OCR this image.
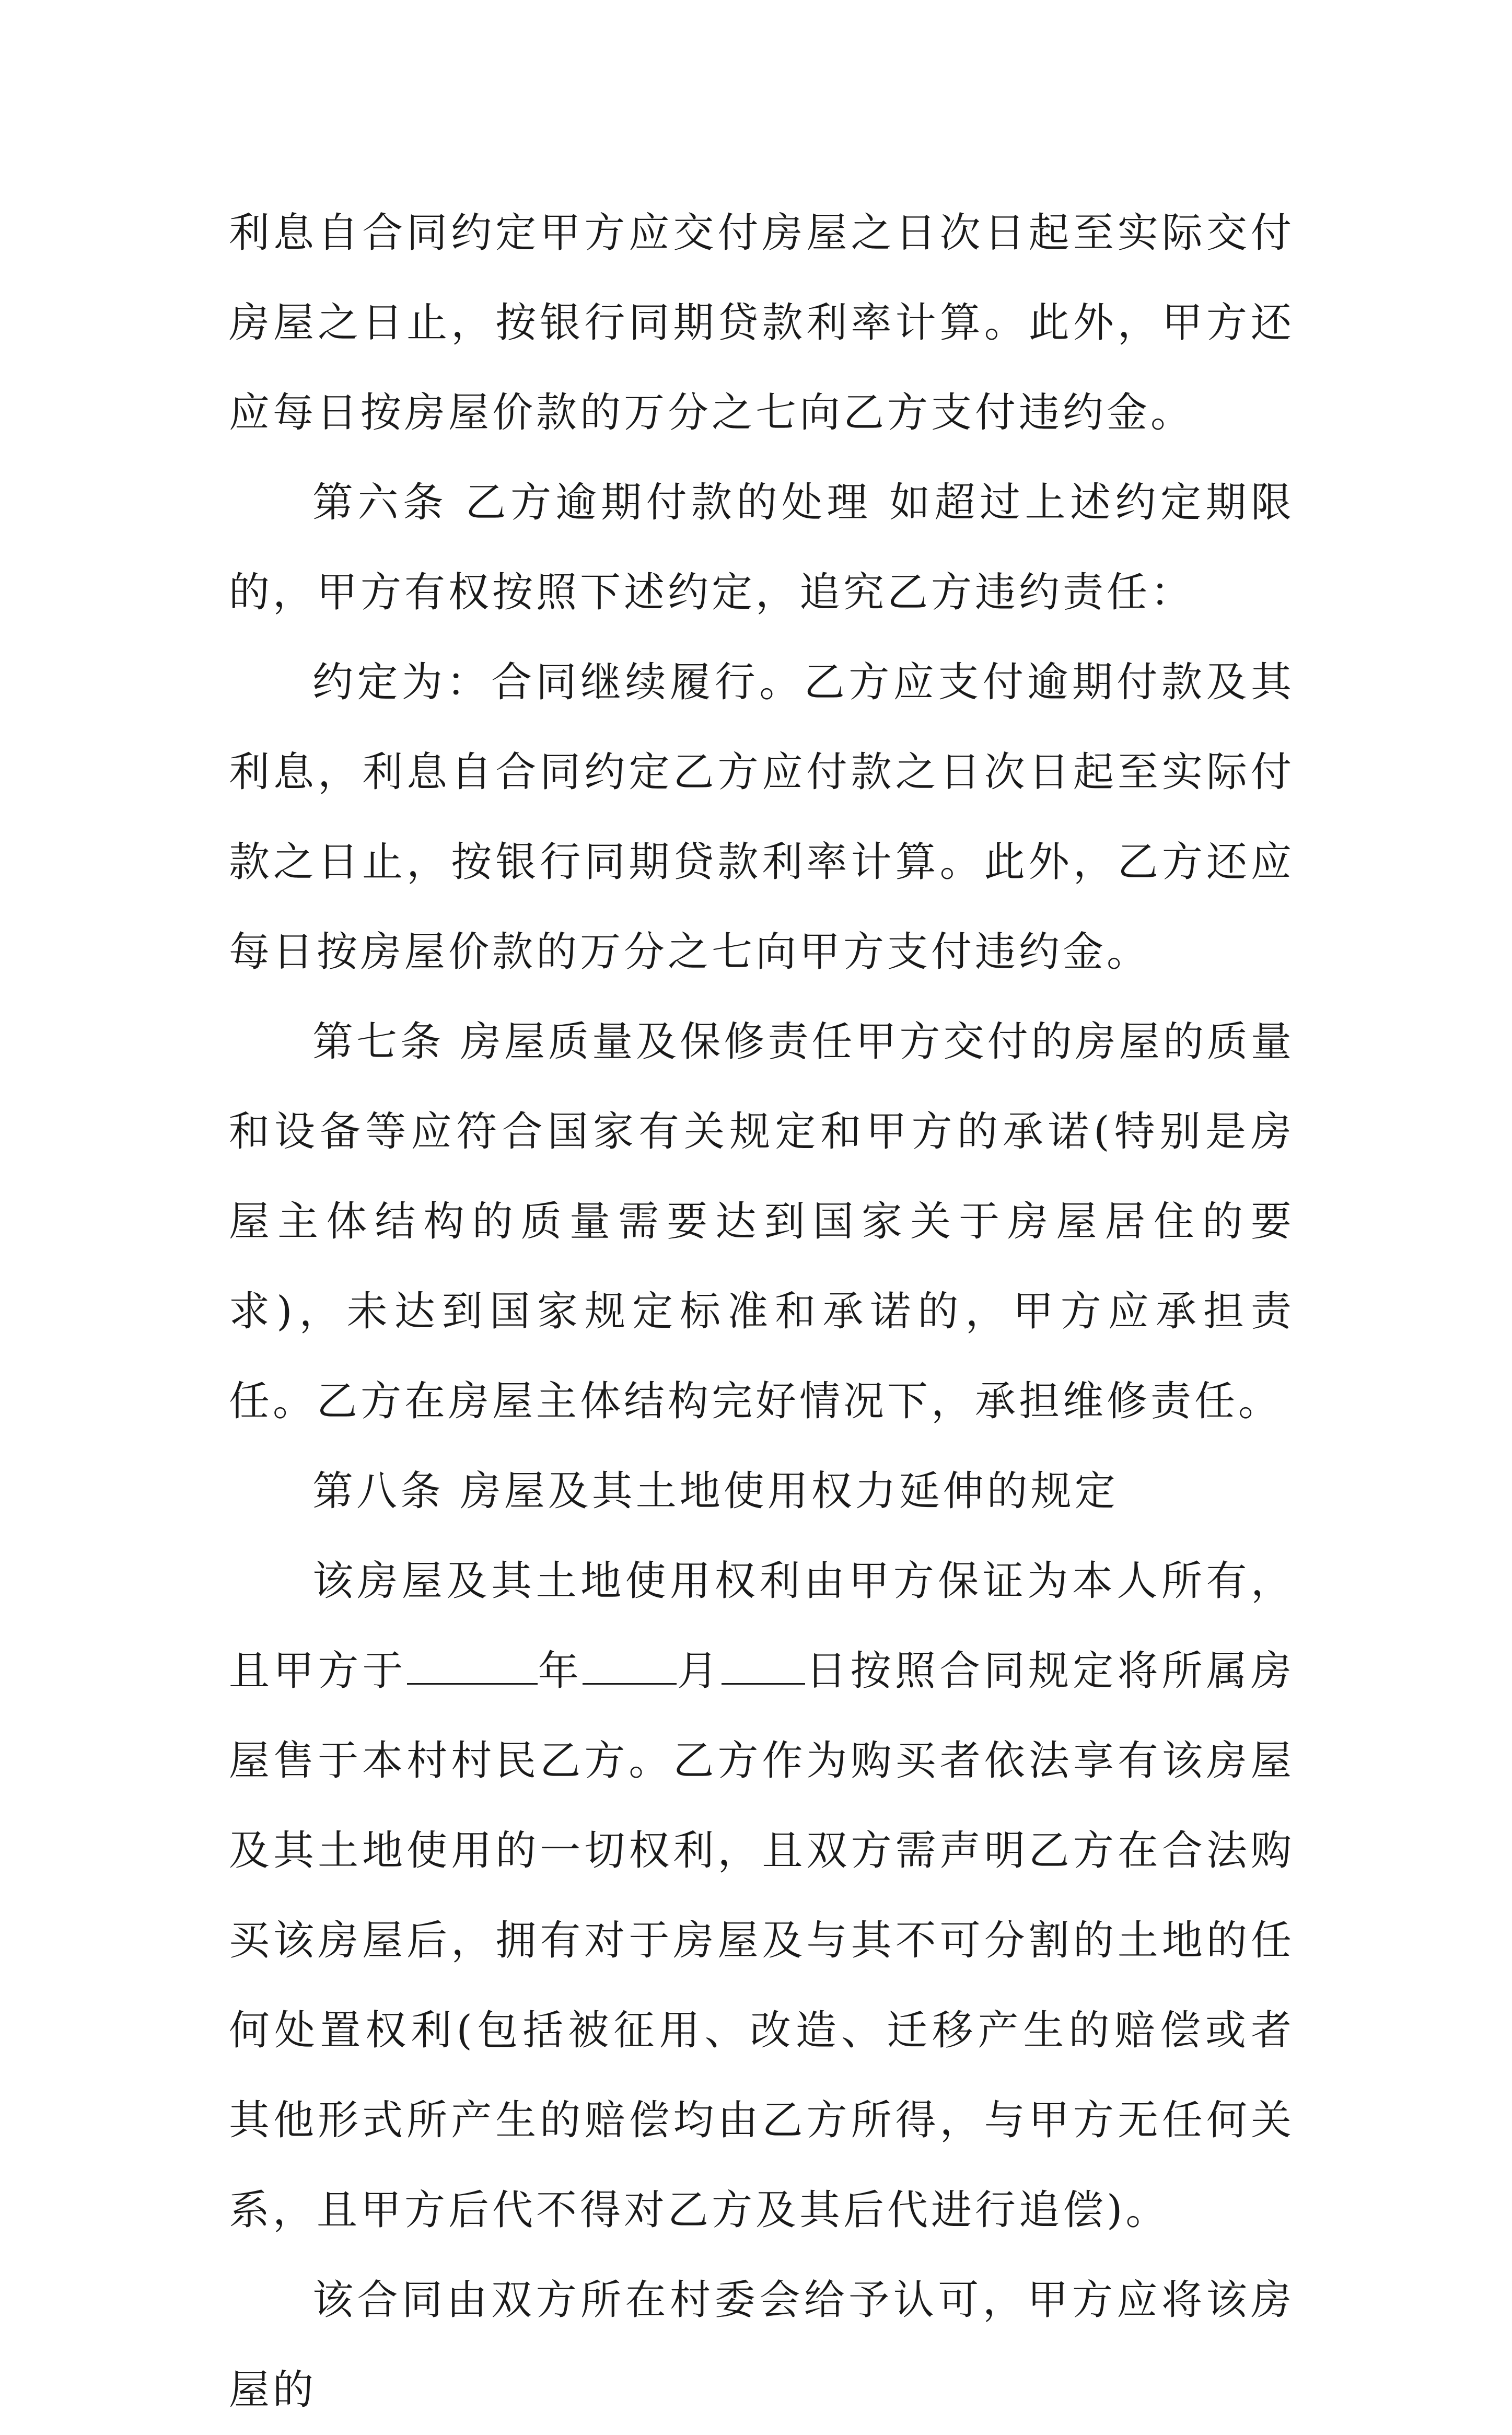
利息自合同约定甲方应交付房屋之日次日起至实际交付房屋之日止，按银行同期贷款利率计算。此外，甲方还应每日按房屋价款的万分之七向乙方支付违约金。

第六条 乙方逾期付款的处理 如超过上述约定期限的，甲方有权按照下述约定，追究乙方违约责任：

约定为：合同继续履行。乙方应支付逾期付款及其利息，利息自合同约定乙方应付款之日次日起至实际付款之日止，按银行同期贷款利率计算。此外，乙方还应每日按房屋价款的万分之七向甲方支付违约金。

第七条 房屋质量及保修责任甲方交付的房屋的质量和设备等应符合国家有关规定和甲方的承诺(特别是房屋主体结构的质量需要达到国家关于房屋居住的要求)，未达到国家规定标准和承诺的，甲方应承担责任。乙方在房屋主体结构完好情况下，承担维修责任。

第八条 房屋及其土地使用权力延伸的规定

该房屋及其土地使用权利由甲方保证为本人所有，且甲方于	年 月 日按照合同规定将所属房屋售于本村村民乙方。乙方作为购买者依法享有该房屋及其土地使用的一切权利，且双方需声明乙方在合法购买该房屋后，拥有对于房屋及与其不可分割的土地的任何处置权利(包括被征用、改造、迁移产生的赔偿或者其他形式所产生的赔偿均由乙方所得，与甲方无任何关系，且甲方后代不得对乙方及其后代进行追偿)。

该合同由双方所在村委会给予认可，甲方应将该房屋的
